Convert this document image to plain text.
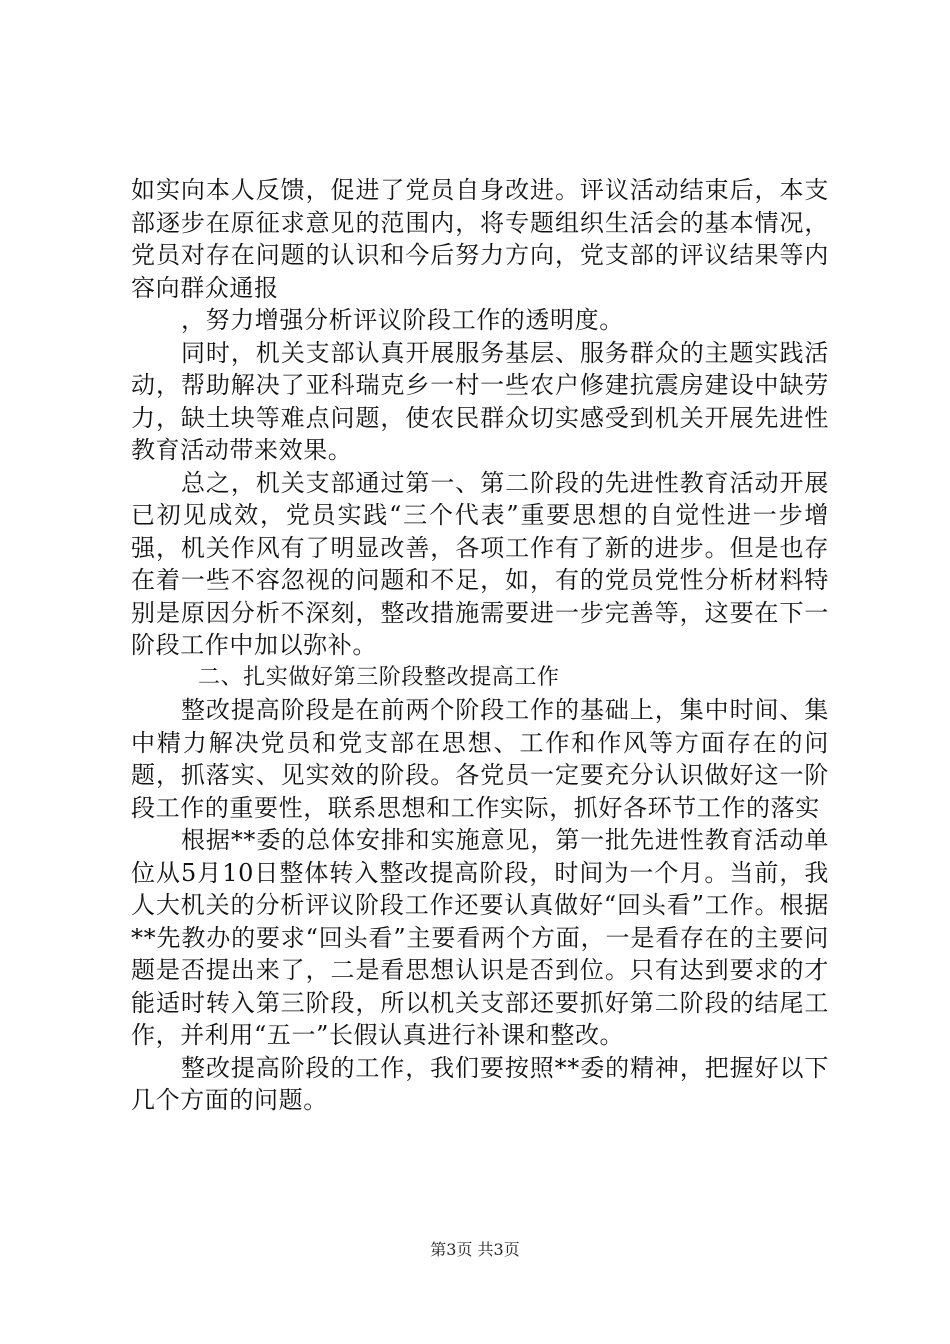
如实向本人反馈，促进了党员自身改进。评议活动结束后，本支部逐步在原征求意见的范围内，将专题组织生活会的基本情况，党员对存在问题的认识和今后努力方向，党支部的评议结果等内容向群众通报

，努力增强分析评议阶段工作的透明度。

同时，机关支部认真开展服务基层、服务群众的主题实践活动，帮助解决了亚科瑞克乡一村一些农户修建抗震房建设中缺劳力，缺土块等难点问题，使农民群众切实感受到机关开展先进性教育活动带来效果。

总之，机关支部通过第一、第二阶段的先进性教育活动开展已初见成效，党员实践“三个代表”重要思想的自觉性进一步增强，机关作风有了明显改善，各项工作有了新的进步。但是也存在着一些不容忽视的问题和不足，如，有的党员党性分析材料特别是原因分析不深刻，整改措施需要进一步完善等，这要在下一阶段工作中加以弥补。

二、扎实做好第三阶段整改提高工作

整改提高阶段是在前两个阶段工作的基础上，集中时间、集中精力解决党员和党支部在思想、工作和作风等方面存在的问题，抓落实、见实效的阶段。各党员一定要充分认识做好这一阶段工作的重要性，联系思想和工作实际，抓好各环节工作的落实

根据**委的总体安排和实施意见，第一批先进性教育活动单位从5月10日整体转入整改提高阶段，时间为一个月。当前，我人大机关的分析评议阶段工作还要认真做好“回头看”工作。根据**先教办的要求“回头看”主要看两个方面，一是看存在的主要问题是否提出来了，二是看思想认识是否到位。只有达到要求的才能适时转入第三阶段，所以机关支部还要抓好第二阶段的结尾工作，并利用“五一”长假认真进行补课和整改。

整改提高阶段的工作，我们要按照**委的精神，把握好以下几个方面的问题。

第3页 共3页
